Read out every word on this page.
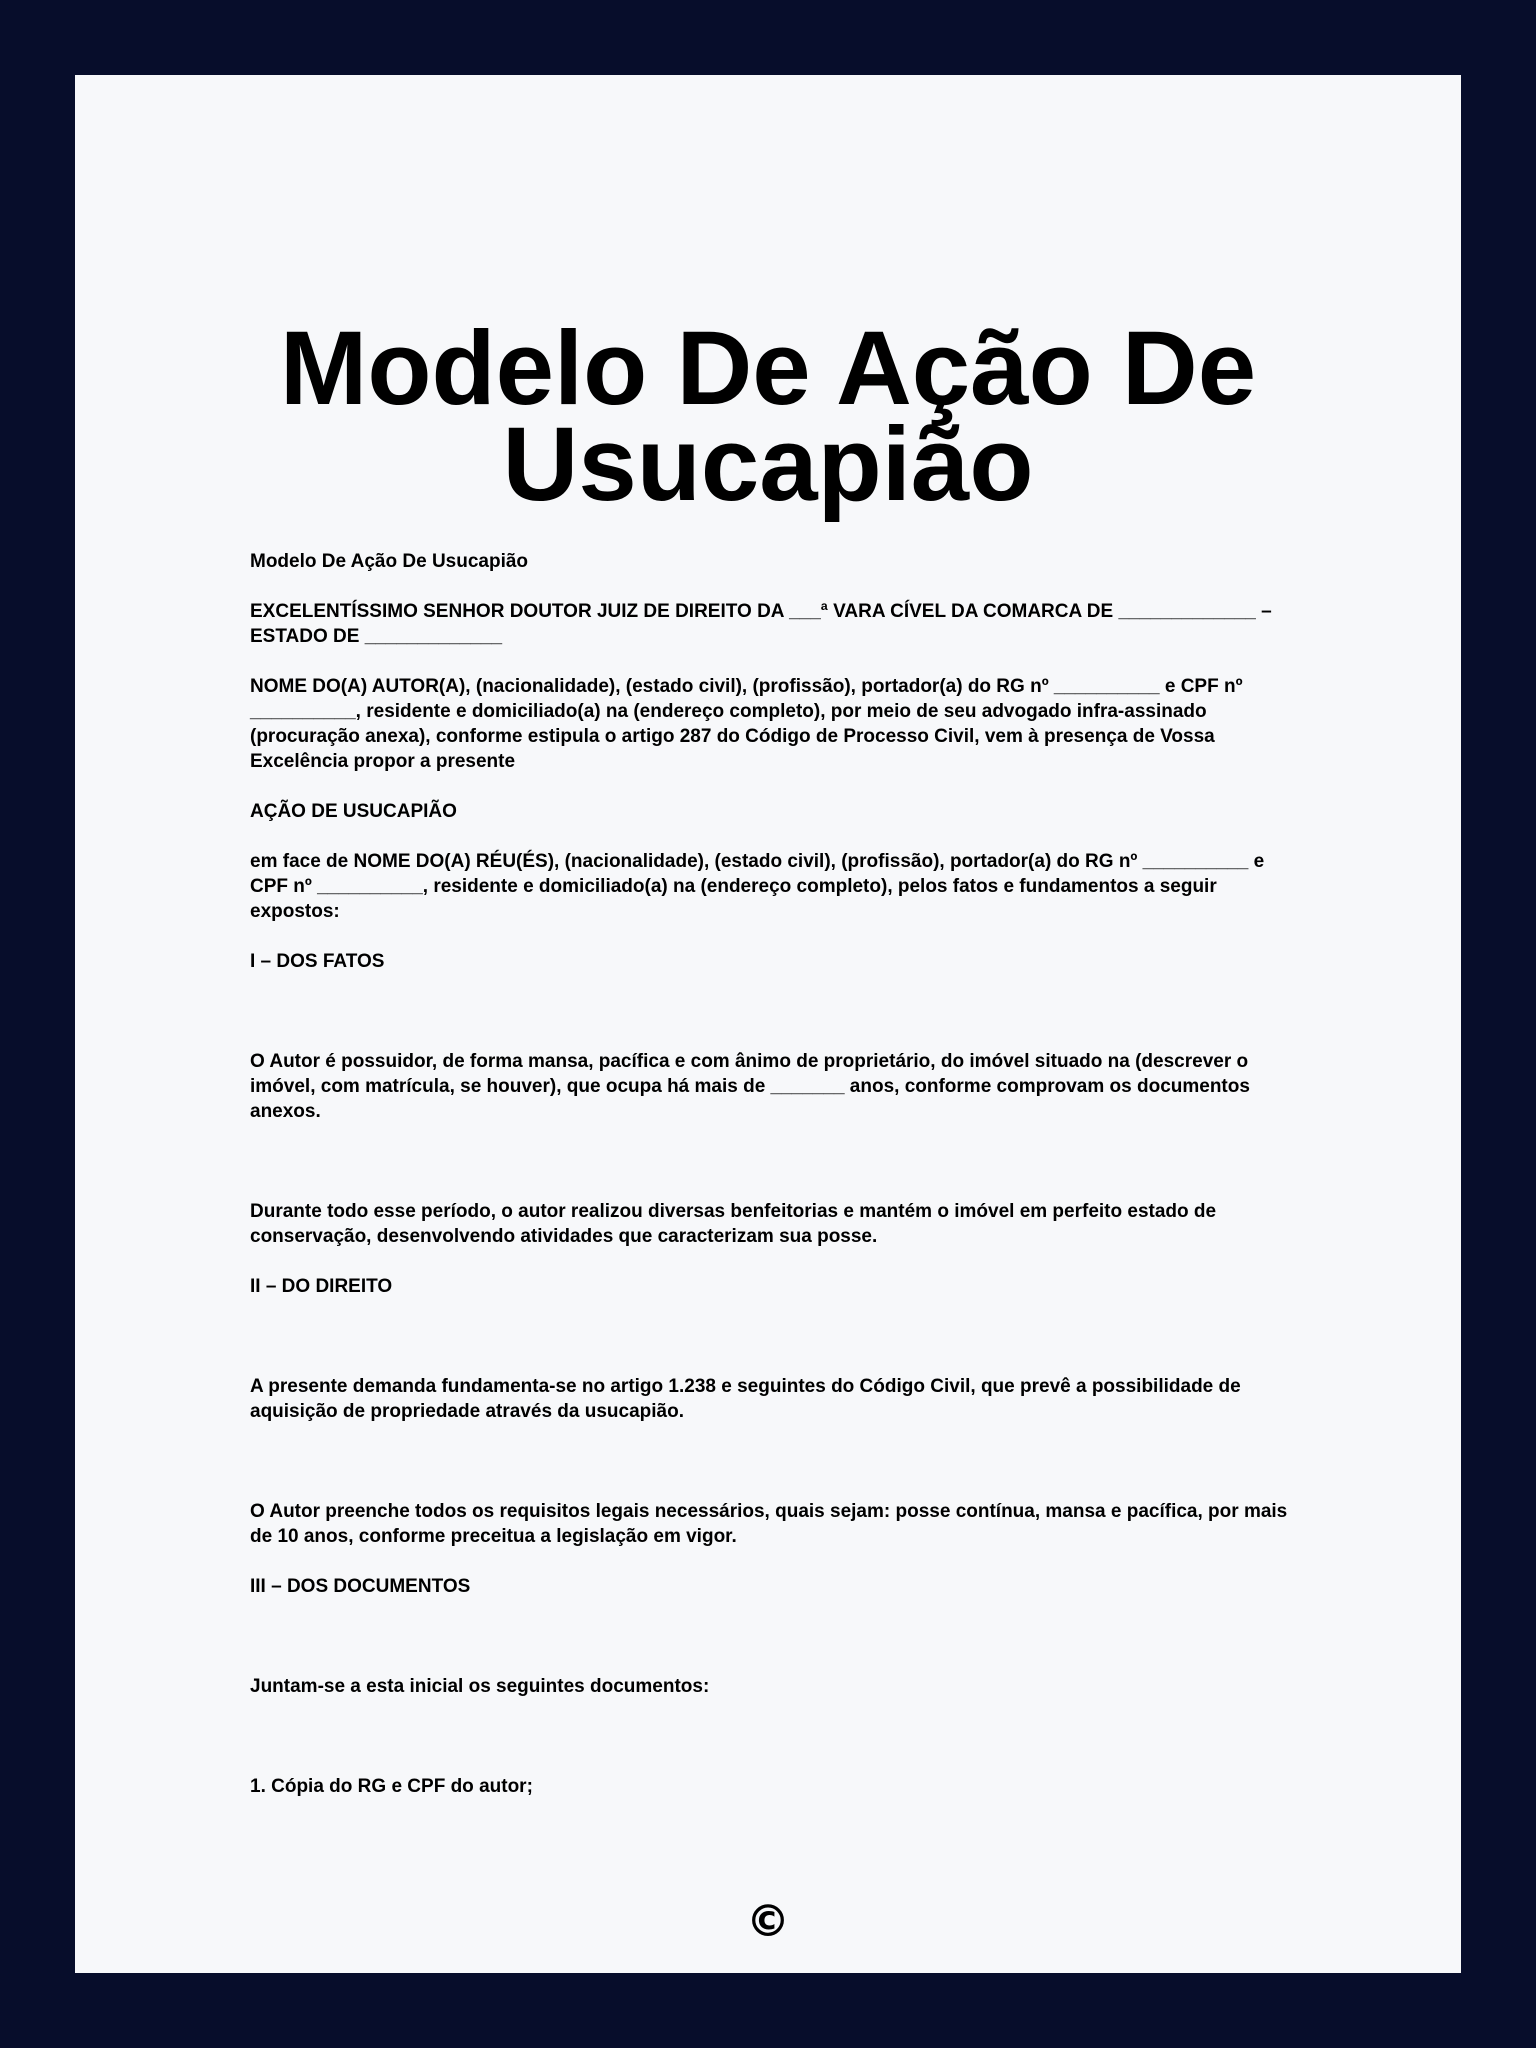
Modelo De Ação De Usucapião

Modelo De Ação De Usucapião

EXCELENTÍSSIMO SENHOR DOUTOR JUIZ DE DIREITO DA ___ª VARA CÍVEL DA COMARCA DE _____________ – ESTADO DE _____________

NOME DO(A) AUTOR(A), (nacionalidade), (estado civil), (profissão), portador(a) do RG nº __________ e CPF nº __________, residente e domiciliado(a) na (endereço completo), por meio de seu advogado infra-assinado (procuração anexa), conforme estipula o artigo 287 do Código de Processo Civil, vem à presença de Vossa Excelência propor a presente

AÇÃO DE USUCAPIÃO

em face de NOME DO(A) RÉU(ÉS), (nacionalidade), (estado civil), (profissão), portador(a) do RG nº __________ e CPF nº __________, residente e domiciliado(a) na (endereço completo), pelos fatos e fundamentos a seguir expostos:

I – DOS FATOS

O Autor é possuidor, de forma mansa, pacífica e com ânimo de proprietário, do imóvel situado na (descrever o imóvel, com matrícula, se houver), que ocupa há mais de _______ anos, conforme comprovam os documentos anexos.

Durante todo esse período, o autor realizou diversas benfeitorias e mantém o imóvel em perfeito estado de conservação, desenvolvendo atividades que caracterizam sua posse.

II – DO DIREITO

A presente demanda fundamenta-se no artigo 1.238 e seguintes do Código Civil, que prevê a possibilidade de aquisição de propriedade através da usucapião.

O Autor preenche todos os requisitos legais necessários, quais sejam: posse contínua, mansa e pacífica, por mais de 10 anos, conforme preceitua a legislação em vigor.

III – DOS DOCUMENTOS

Juntam-se a esta inicial os seguintes documentos:

1. Cópia do RG e CPF do autor;

©
